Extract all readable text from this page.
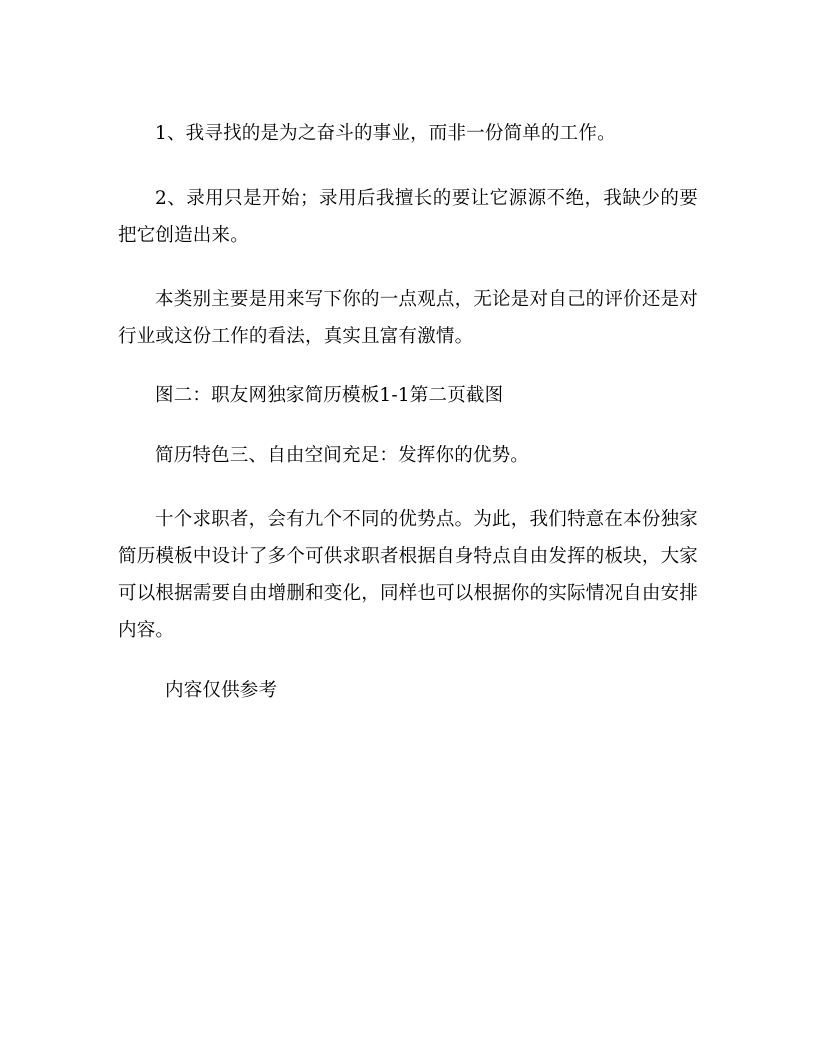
1、我寻找的是为之奋斗的事业，而非一份简单的工作。

2、录用只是开始；录用后我擅长的要让它源源不绝，我缺少的要把它创造出来。

本类别主要是用来写下你的一点观点，无论是对自己的评价还是对行业或这份工作的看法，真实且富有激情。

图二：职友网独家简历模板1-1第二页截图

简历特色三、自由空间充足：发挥你的优势。

十个求职者，会有九个不同的优势点。为此，我们特意在本份独家简历模板中设计了多个可供求职者根据自身特点自由发挥的板块，大家可以根据需要自由增删和变化，同样也可以根据你的实际情况自由安排内容。

内容仅供参考
